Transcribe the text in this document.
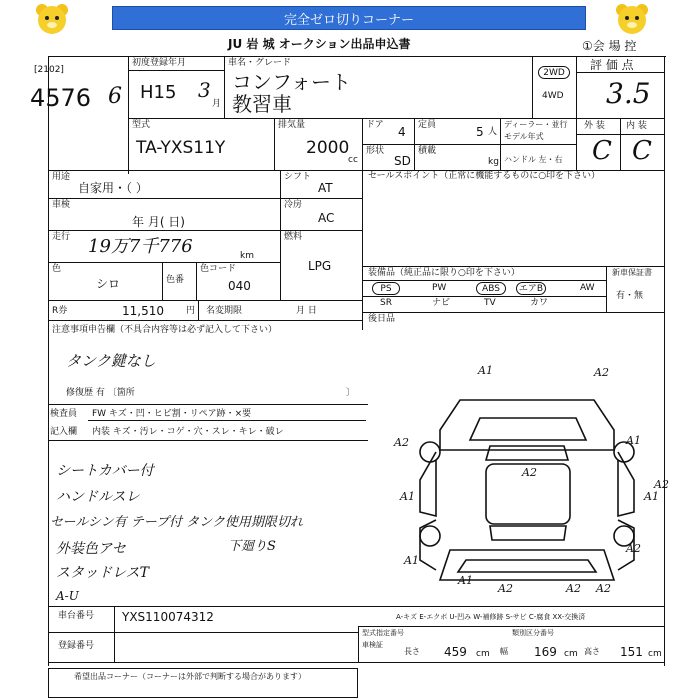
完全ゼロ切りコーナー
JU 岩 城 オークション出品申込書	①会 場 控
[2102]
4576 6
初度登録年月
H15 3
月
車名・グレード
コンフォート
教習車
2WD
4WD
評 価 点
3.5
型式
TA-YXS11Y
排気量
2000
cc
ドア 4 定員	5 人
ディーラー・並行
モデル年式
形状
SD
積載
kg ハンドル 左・右
外 装 内 装
C C
用途
自家用・（ ）
シフト
AT
セールスポイント（正常に機能するものに○印を下さい）
車検
年 月( 日)
冷房
AC
走行 19万7千776	km
燃料
LPG
色
シロ	色番
色コード
040
R券	11,510 円 名変期限	月 日
装備品（純正品に限り○印を下さい）	新車保証書
有・無
PS	PW	ABS	エアB	AW
SR	ナビ	TV	カワ
後日品
注意事項申告欄（不具合内容等は必ず記入して下さい）
タンク鍵なし
修復歴 有 〔箇所	〕
検査員 FW キズ・凹・ヒビ割・リペア跡・×要
記入欄 内装 キズ・汚レ・コゲ・穴・スレ・キレ・破レ
シートカバー付
ハンドルスレ
セールシン有 テープ付 タンク使用期限切れ
下廻りS
外装色アセ
スタッドレスT
A-U
A1	A2
A2
A2
A1
A2
A1	A1
A1
A2
A1
A2	A2 A2
A-キズ E-エクボ U-凹み W-補修跡 S-サビ C-腐食 XX-交換済
車台番号 YXS110074312
登録番号
型式指定番号	類別区分番号
車検証
長さ 459 cm 幅 169 cm 高さ 151 cm
希望出品コーナー（コーナーは外部で判断する場合があります）
